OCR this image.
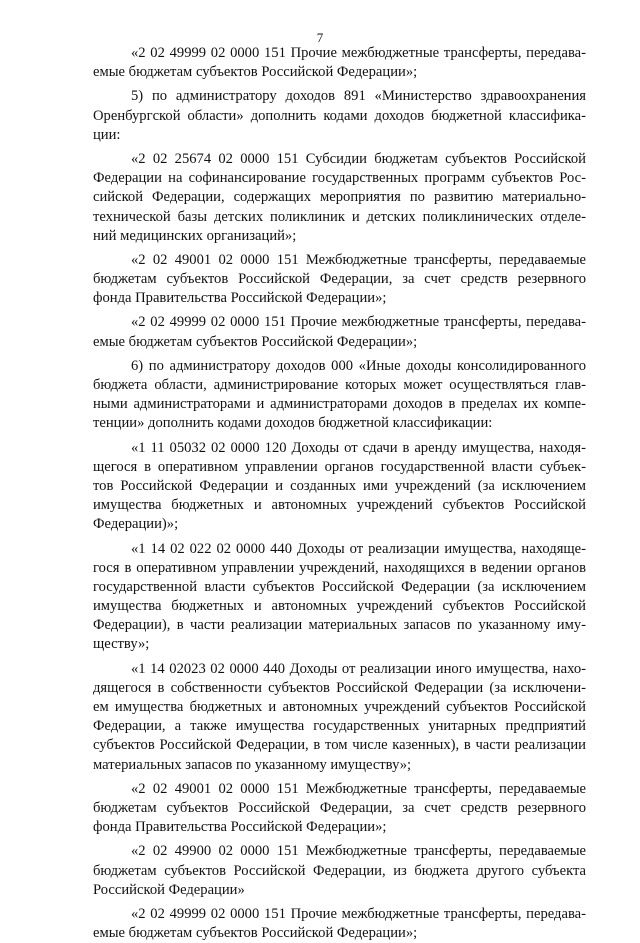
7
«2 02 49999 02 0000 151 Прочие межбюджетные трансферты, передава-
емые бюджетам субъектов Российской Федерации»;
5) по администратору доходов 891 «Министерство здравоохранения
Оренбургской области» дополнить кодами доходов бюджетной классифика-
ции:
«2 02 25674 02 0000 151 Субсидии бюджетам субъектов Российской
Федерации на софинансирование государственных программ субъектов Рос-
сийской Федерации, содержащих мероприятия по развитию материально-
технической базы детских поликлиник и детских поликлинических отделе-
ний медицинских организаций»;
«2 02 49001 02 0000 151 Межбюджетные трансферты, передаваемые
бюджетам субъектов Российской Федерации, за счет средств резервного
фонда Правительства Российской Федерации»;
«2 02 49999 02 0000 151 Прочие межбюджетные трансферты, передава-
емые бюджетам субъектов Российской Федерации»;
6) по администратору доходов 000 «Иные доходы консолидированного
бюджета области, администрирование которых может осуществляться глав-
ными администраторами и администраторами доходов в пределах их компе-
тенции» дополнить кодами доходов бюджетной классификации:
«1 11 05032 02 0000 120 Доходы от сдачи в аренду имущества, находя-
щегося в оперативном управлении органов государственной власти субъек-
тов Российской Федерации и созданных ими учреждений (за исключением
имущества бюджетных и автономных учреждений субъектов Российской
Федерации)»;
«1 14 02 022 02 0000 440 Доходы от реализации имущества, находяще-
гося в оперативном управлении учреждений, находящихся в ведении органов
государственной власти субъектов Российской Федерации (за исключением
имущества бюджетных и автономных учреждений субъектов Российской
Федерации), в части реализации материальных запасов по указанному иму-
ществу»;
«1 14 02023 02 0000 440 Доходы от реализации иного имущества, нахо-
дящегося в собственности субъектов Российской Федерации (за исключени-
ем имущества бюджетных и автономных учреждений субъектов Российской
Федерации, а также имущества государственных унитарных предприятий
субъектов Российской Федерации, в том числе казенных), в части реализации
материальных запасов по указанному имуществу»;
«2 02 49001 02 0000 151 Межбюджетные трансферты, передаваемые
бюджетам субъектов Российской Федерации, за счет средств резервного
фонда Правительства Российской Федерации»;
«2 02 49900 02 0000 151 Межбюджетные трансферты, передаваемые
бюджетам субъектов Российской Федерации, из бюджета другого субъекта
Российской Федерации»
«2 02 49999 02 0000 151 Прочие межбюджетные трансферты, передава-
емые бюджетам субъектов Российской Федерации»;
